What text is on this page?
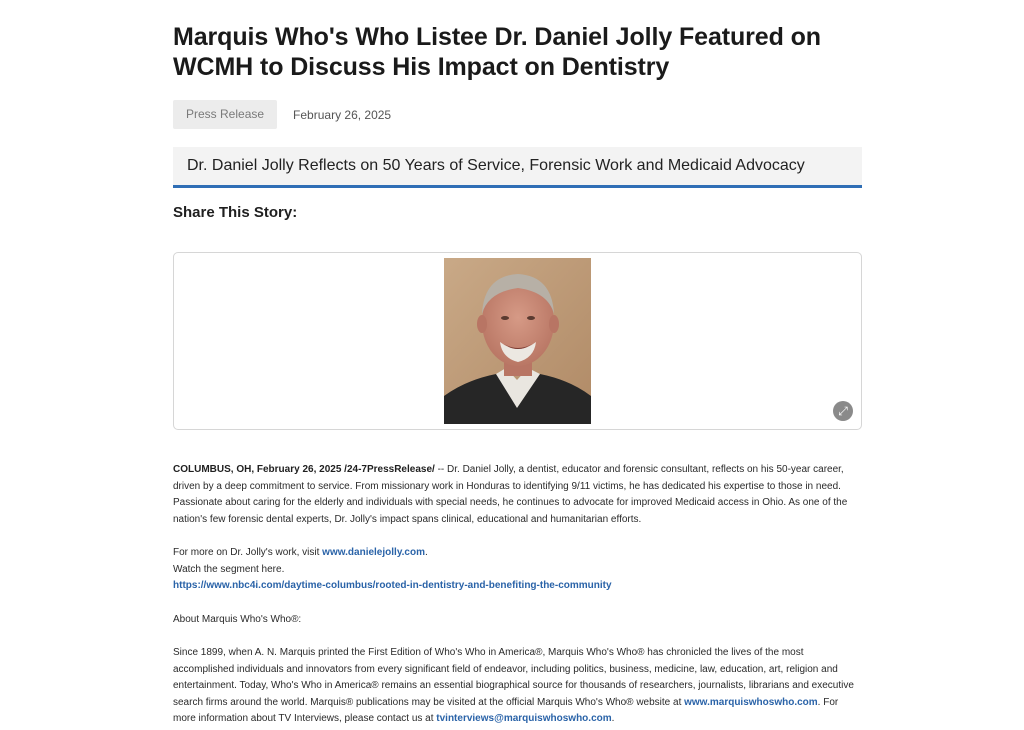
Marquis Who's Who Listee Dr. Daniel Jolly Featured on WCMH to Discuss His Impact on Dentistry
Press Release	February 26, 2025
Dr. Daniel Jolly Reflects on 50 Years of Service, Forensic Work and Medicaid Advocacy
Share This Story:
⤢

COLUMBUS, OH, February 26, 2025 /24-7PressRelease/ -- Dr. Daniel Jolly, a dentist, educator and forensic consultant, reflects on his 50-year career, driven by a deep commitment to service. From missionary work in Honduras to identifying 9/11 victims, he has dedicated his expertise to those in need. Passionate about caring for the elderly and individuals with special needs, he continues to advocate for improved Medicaid access in Ohio. As one of the nation's few forensic dental experts, Dr. Jolly's impact spans clinical, educational and humanitarian efforts.

For more on Dr. Jolly's work, visit www.danielejolly.com.

Watch the segment here.

https://www.nbc4i.com/daytime-columbus/rooted-in-dentistry-and-benefiting-the-community

About Marquis Who's Who®:

Since 1899, when A. N. Marquis printed the First Edition of Who's Who in America®, Marquis Who's Who® has chronicled the lives of the most accomplished individuals and innovators from every significant field of endeavor, including politics, business, medicine, law, education, art, religion and entertainment. Today, Who's Who in America® remains an essential biographical source for thousands of researchers, journalists, librarians and executive search firms around the world. Marquis® publications may be visited at the official Marquis Who's Who® website at www.marquiswhoswho.com. For more information about TV Interviews, please contact us at tvinterviews@marquiswhoswho.com.
